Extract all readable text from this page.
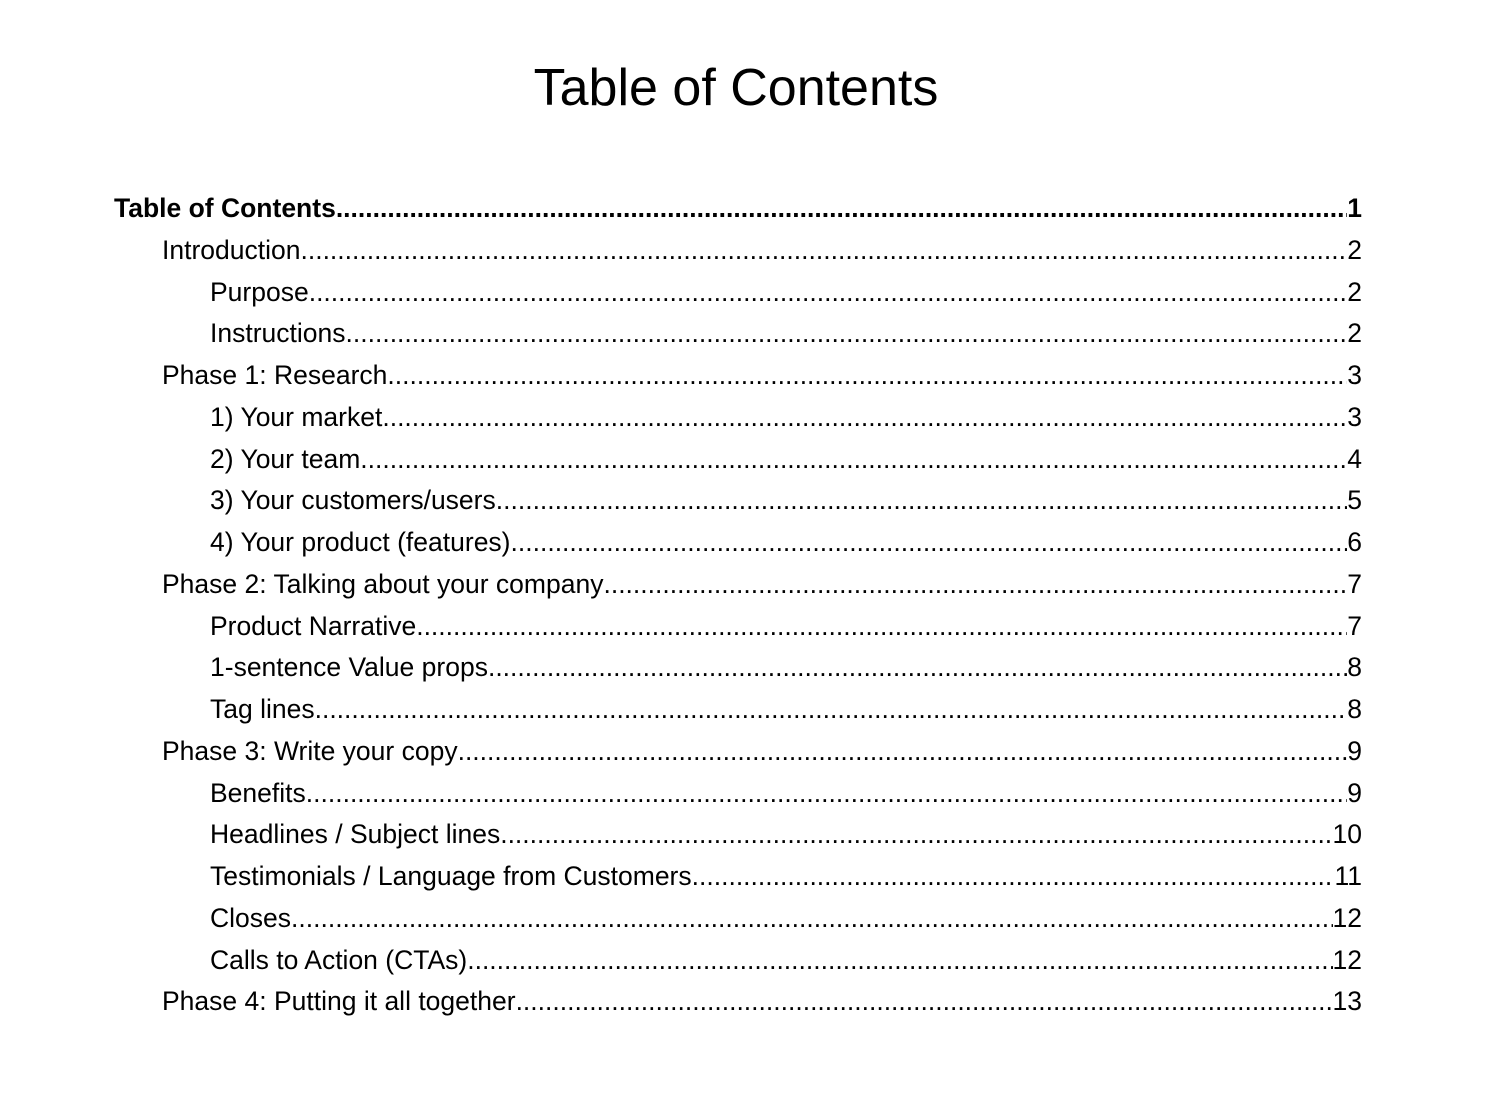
Table of Contents
Table of Contents .....	1
Introduction .....	2
Purpose .....	2
Instructions .....	2
Phase 1: Research .....	3
1) Your market .....	3
2) Your team .....	4
3) Your customers/users .....	5
4) Your product (features) .....	6
Phase 2: Talking about your company .....	7
Product Narrative .....	7
1-sentence Value props .....	8
Tag lines .....	8
Phase 3: Write your copy .....	9
Benefits .....	9
Headlines / Subject lines .....	10
Testimonials / Language from Customers .....	11
Closes .....	12
Calls to Action (CTAs) .....	12
Phase 4: Putting it all together .....	13
